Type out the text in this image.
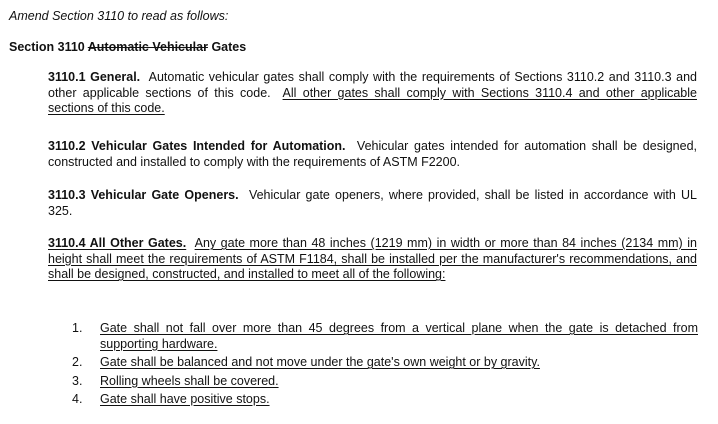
Amend Section 3110 to read as follows:
Section 3110 Automatic Vehicular Gates
3110.1 General. Automatic vehicular gates shall comply with the requirements of Sections 3110.2 and 3110.3 and other applicable sections of this code. All other gates shall comply with Sections 3110.4 and other applicable sections of this code.
3110.2 Vehicular Gates Intended for Automation. Vehicular gates intended for automation shall be designed, constructed and installed to comply with the requirements of ASTM F2200.
3110.3 Vehicular Gate Openers. Vehicular gate openers, where provided, shall be listed in accordance with UL 325.
3110.4 All Other Gates. Any gate more than 48 inches (1219 mm) in width or more than 84 inches (2134 mm) in height shall meet the requirements of ASTM F1184, shall be installed per the manufacturer's recommendations, and shall be designed, constructed, and installed to meet all of the following:
1.	Gate shall not fall over more than 45 degrees from a vertical plane when the gate is detached from supporting hardware.
2.	Gate shall be balanced and not move under the gate's own weight or by gravity.
3.	Rolling wheels shall be covered.
4.	Gate shall have positive stops.
